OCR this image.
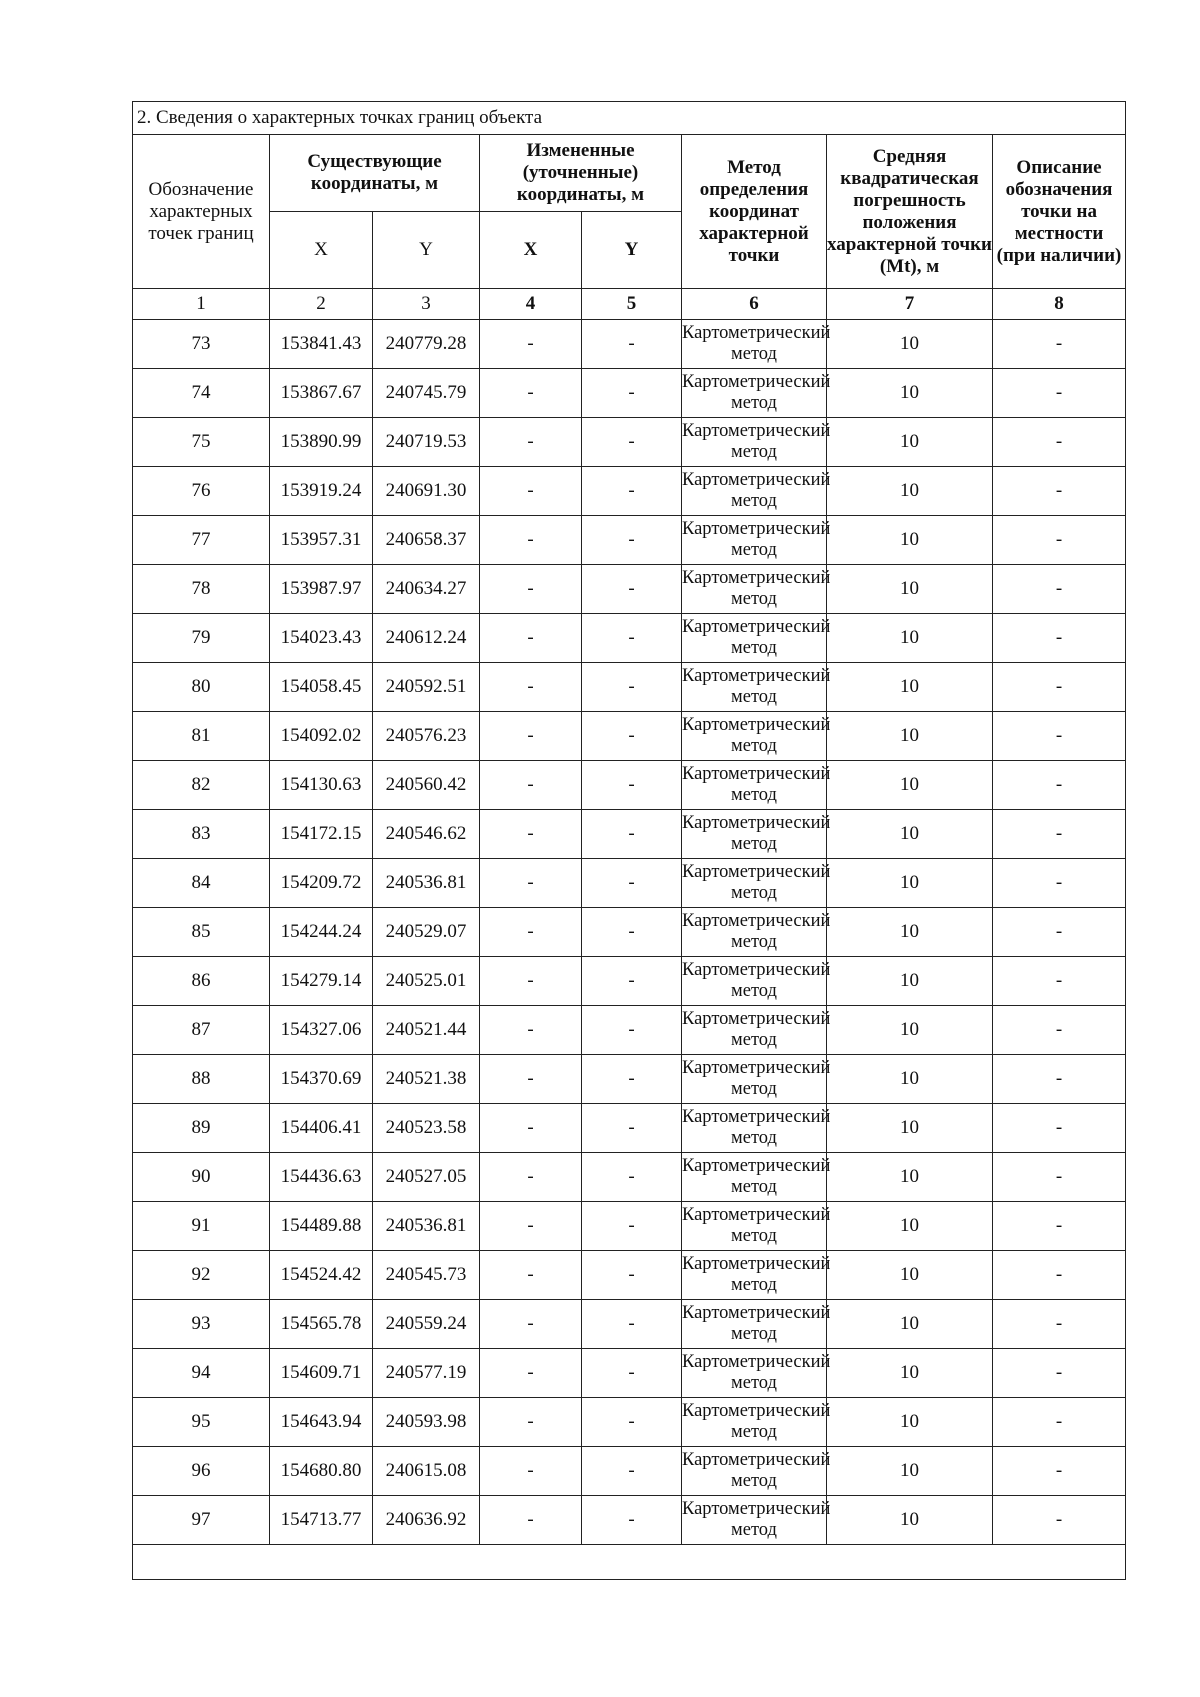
2. Сведения о характерных точках границ объекта							
Обозначение характерных точек границ	Существующие координаты, м		Измененные (уточненные) координаты, м		Метод определения координат характерной точки	Средняя квадратическая погрешность положения характерной точки (Mt), м	Описание обозначения точки на местности (при наличии)
	X	Y	X	Y			
1	2	3	4	5	6	7	8
73	153841.43	240779.28	-	-	Картометрический метод	10	-
74	153867.67	240745.79	-	-	Картометрический метод	10	-
75	153890.99	240719.53	-	-	Картометрический метод	10	-
76	153919.24	240691.30	-	-	Картометрический метод	10	-
77	153957.31	240658.37	-	-	Картометрический метод	10	-
78	153987.97	240634.27	-	-	Картометрический метод	10	-
79	154023.43	240612.24	-	-	Картометрический метод	10	-
80	154058.45	240592.51	-	-	Картометрический метод	10	-
81	154092.02	240576.23	-	-	Картометрический метод	10	-
82	154130.63	240560.42	-	-	Картометрический метод	10	-
83	154172.15	240546.62	-	-	Картометрический метод	10	-
84	154209.72	240536.81	-	-	Картометрический метод	10	-
85	154244.24	240529.07	-	-	Картометрический метод	10	-
86	154279.14	240525.01	-	-	Картометрический метод	10	-
87	154327.06	240521.44	-	-	Картометрический метод	10	-
88	154370.69	240521.38	-	-	Картометрический метод	10	-
89	154406.41	240523.58	-	-	Картометрический метод	10	-
90	154436.63	240527.05	-	-	Картометрический метод	10	-
91	154489.88	240536.81	-	-	Картометрический метод	10	-
92	154524.42	240545.73	-	-	Картометрический метод	10	-
93	154565.78	240559.24	-	-	Картометрический метод	10	-
94	154609.71	240577.19	-	-	Картометрический метод	10	-
95	154643.94	240593.98	-	-	Картометрический метод	10	-
96	154680.80	240615.08	-	-	Картометрический метод	10	-
97	154713.77	240636.92	-	-	Картометрический метод	10	-
